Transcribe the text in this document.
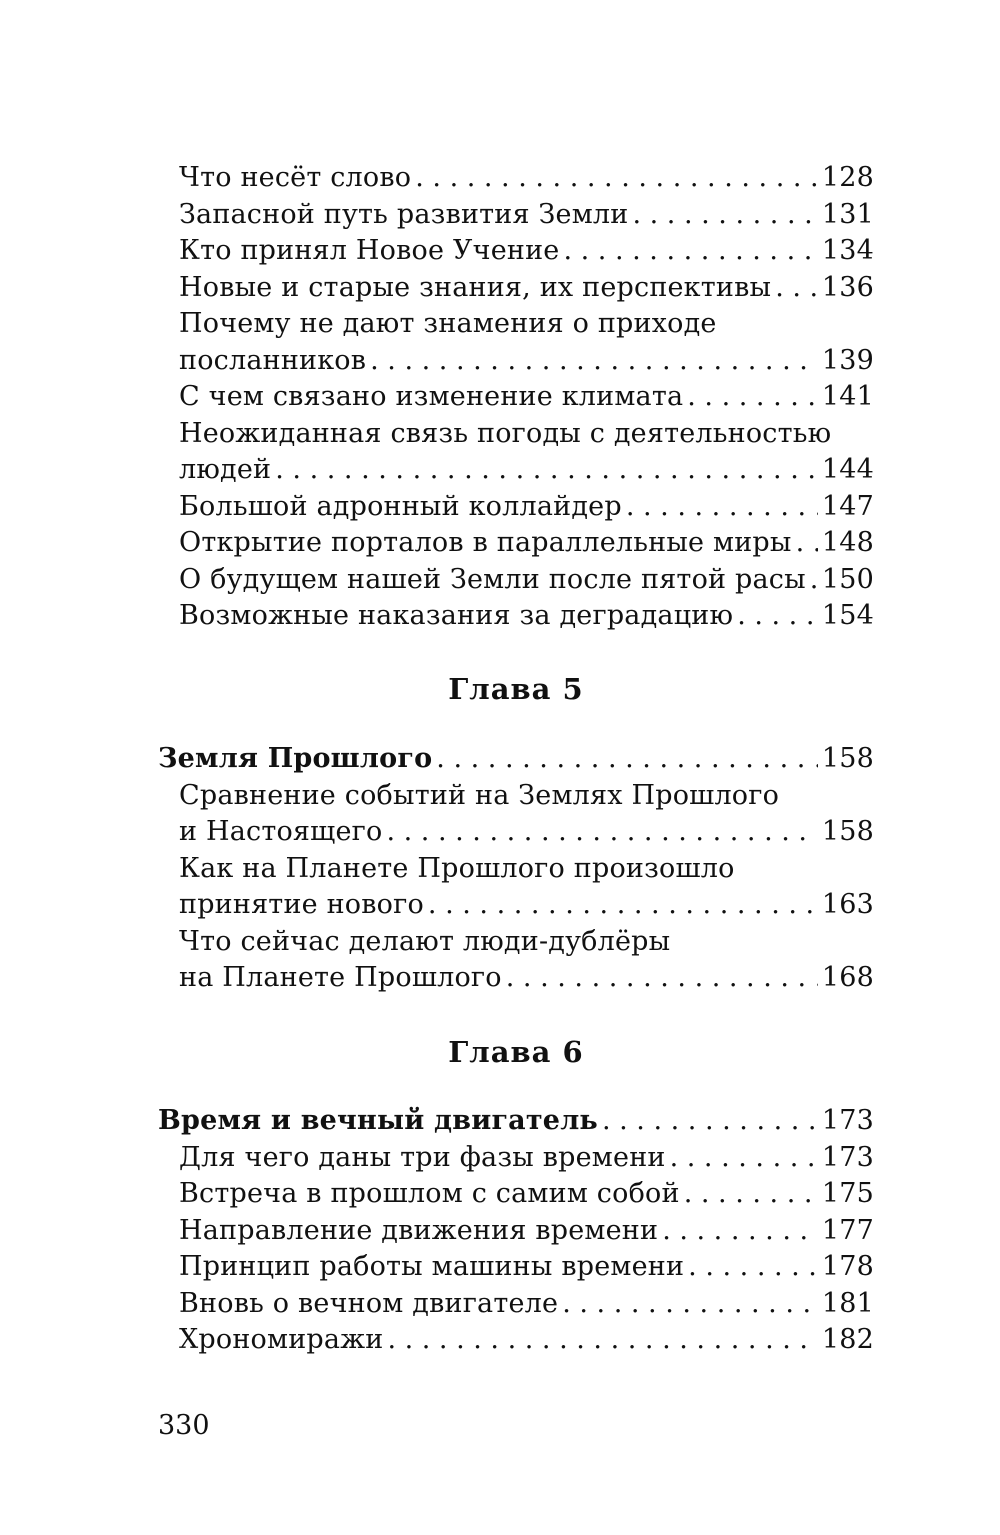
Что несёт слово . . .	128
Запасной путь развития Земли . . .	131
Кто принял Новое Учение . . .	134
Новые и старые знания, их перспективы . . . 136
Почему не дают знамения о приходе
посланников . . .	139
С чем связано изменение климата . . .	141
Неожиданная связь погоды с деятельностью
людей . . .	144
Большой адронный коллайдер . . .	147
Открытие порталов в параллельные миры . . . 148
О будущем нашей Земли после пятой расы . . . 150
Возможные наказания за деградацию . . .	154
Глава 5
Земля Прошлого . . .	158
Сравнение событий на Землях Прошлого
и Настоящего . . .	158
Как на Планете Прошлого произошло
принятие нового . . .	163
Что сейчас делают люди-дублёры
на Планете Прошлого . . .	168
Глава 6
Время и вечный двигатель . . .	173
Для чего даны три фазы времени . . .	173
Встреча в прошлом с самим собой . . .	175
Направление движения времени . . .	177
Принцип работы машины времени . . .	178
Вновь о вечном двигателе . . .	181
Хрономиражи . . .	182
330
